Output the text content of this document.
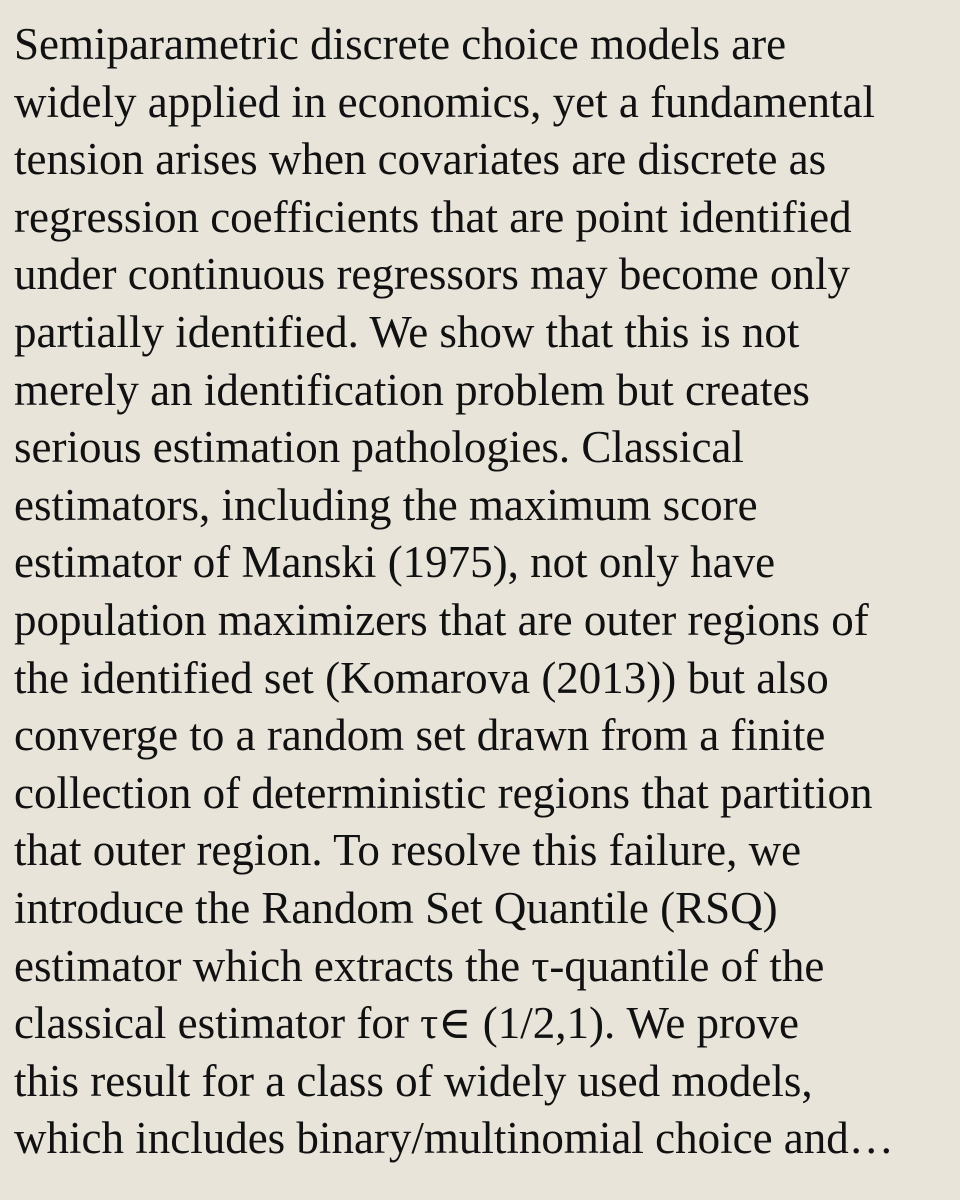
Semiparametric discrete choice models are
widely applied in economics, yet a fundamental
tension arises when covariates are discrete as
regression coefficients that are point identified
under continuous regressors may become only
partially identified. We show that this is not
merely an identification problem but creates
serious estimation pathologies. Classical
estimators, including the maximum score
estimator of Manski (1975), not only have
population maximizers that are outer regions of
the identified set (Komarova (2013)) but also
converge to a random set drawn from a finite
collection of deterministic regions that partition
that outer region. To resolve this failure, we
introduce the Random Set Quantile (RSQ)
estimator which extracts the τ-quantile of the
classical estimator for τ∈ (1/2,1). We prove
this result for a class of widely used models,
which includes binary/multinomial choice and…
